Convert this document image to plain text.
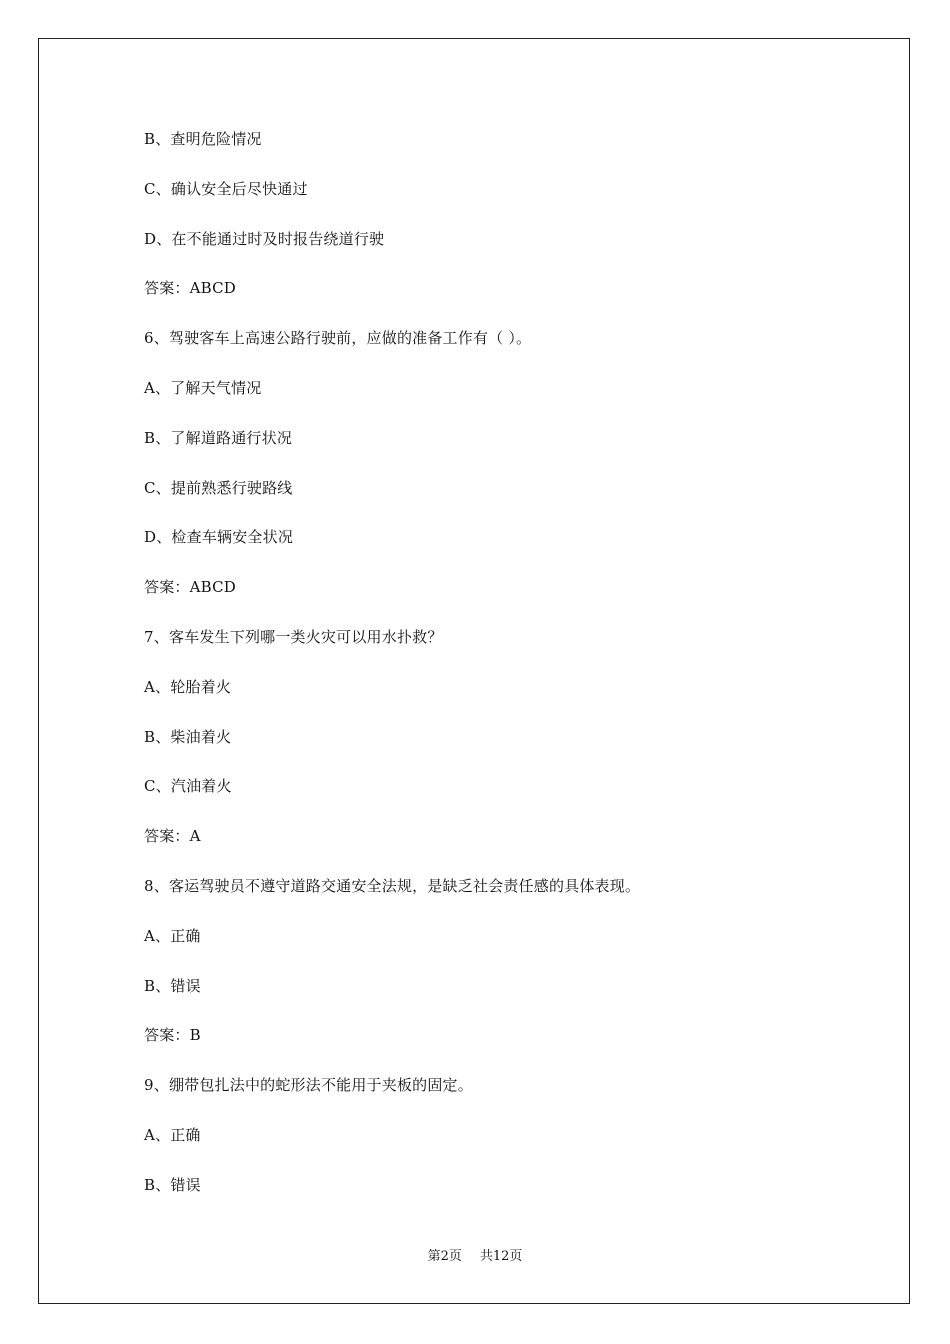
B、查明危险情况
C、确认安全后尽快通过
D、在不能通过时及时报告绕道行驶
答案：ABCD
6、驾驶客车上高速公路行驶前，应做的准备工作有（ ）。
A、了解天气情况
B、了解道路通行状况
C、提前熟悉行驶路线
D、检查车辆安全状况
答案：ABCD
7、客车发生下列哪一类火灾可以用水扑救？
A、轮胎着火
B、柴油着火
C、汽油着火
答案：A
8、客运驾驶员不遵守道路交通安全法规，是缺乏社会责任感的具体表现。
A、正确
B、错误
答案：B
9、绷带包扎法中的蛇形法不能用于夹板的固定。
A、正确
B、错误
第2页 共12页
